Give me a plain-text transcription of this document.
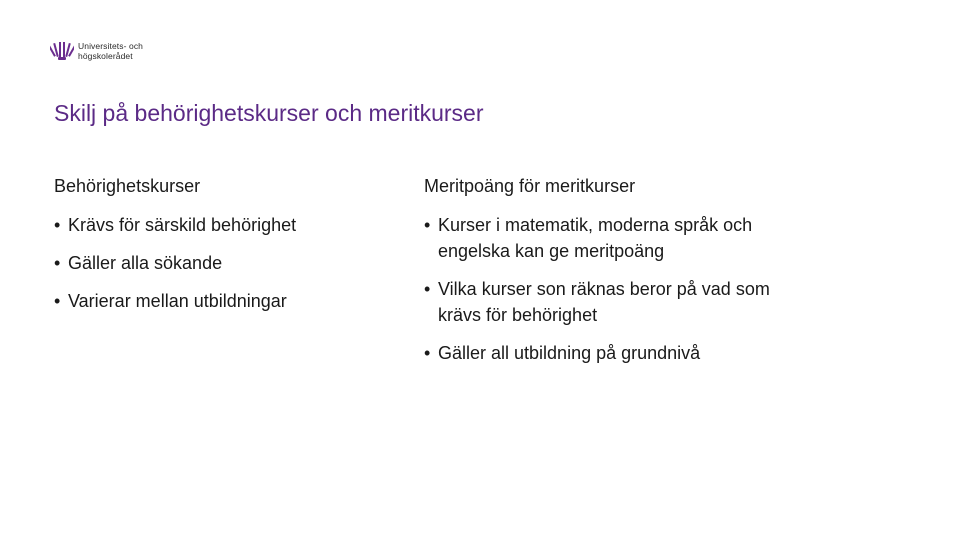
Universitets- och
högskolerådet
Skilj på behörighetskurser och meritkurser
Behörighetskurser
• Krävs för särskild behörighet
• Gäller alla sökande
• Varierar mellan utbildningar
Meritpoäng för meritkurser
• Kurser i matematik, moderna språk och engelska kan ge meritpoäng
• Vilka kurser son räknas beror på vad som krävs för behörighet
• Gäller all utbildning på grundnivå
